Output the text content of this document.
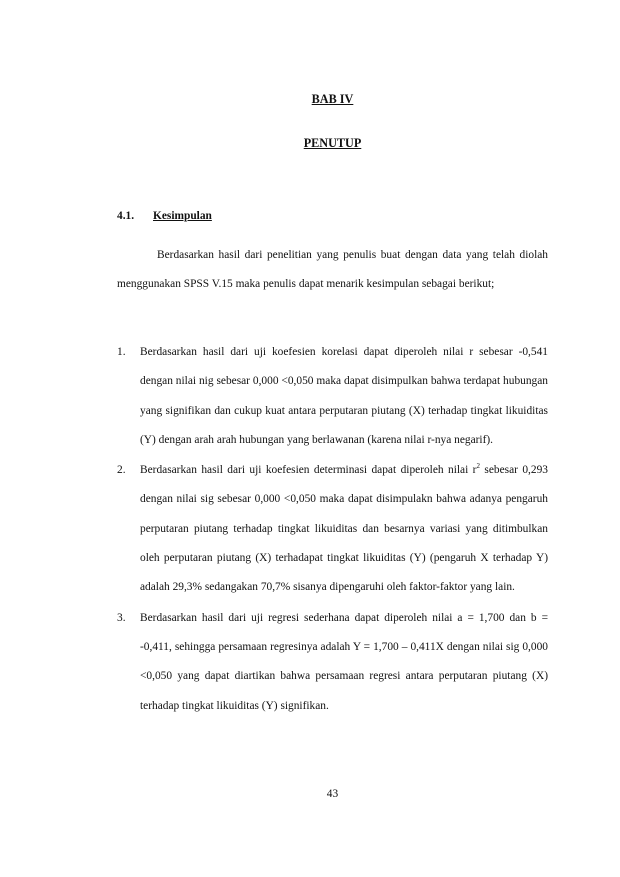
BAB IV
PENUTUP
4.1. Kesimpulan

Berdasarkan hasil dari penelitian yang penulis buat dengan data yang telah diolah menggunakan SPSS V.15 maka penulis dapat menarik kesimpulan sebagai berikut;

1. Berdasarkan hasil dari uji koefesien korelasi dapat diperoleh nilai r sebesar -0,541 dengan nilai nig sebesar 0,000 <0,050 maka dapat disimpulkan bahwa terdapat hubungan yang signifikan dan cukup kuat antara perputaran piutang (X) terhadap tingkat likuiditas (Y) dengan arah arah hubungan yang berlawanan (karena nilai r-nya negarif).
2. Berdasarkan hasil dari uji koefesien determinasi dapat diperoleh nilai $r^2$ sebesar 0,293 dengan nilai sig sebesar 0,000 <0,050 maka dapat disimpulakn bahwa adanya pengaruh perputaran piutang terhadap tingkat likuiditas dan besarnya variasi yang ditimbulkan oleh perputaran piutang (X) terhadapat tingkat likuiditas (Y) (pengaruh X terhadap Y) adalah 29,3% sedangakan 70,7% sisanya dipengaruhi oleh faktor-faktor yang lain.
3. Berdasarkan hasil dari uji regresi sederhana dapat diperoleh nilai a = 1,700 dan b = -0,411, sehingga persamaan regresinya adalah Y = 1,700 – 0,411X dengan nilai sig 0,000 <0,050 yang dapat diartikan bahwa persamaan regresi antara perputaran piutang (X) terhadap tingkat likuiditas (Y) signifikan.
43
